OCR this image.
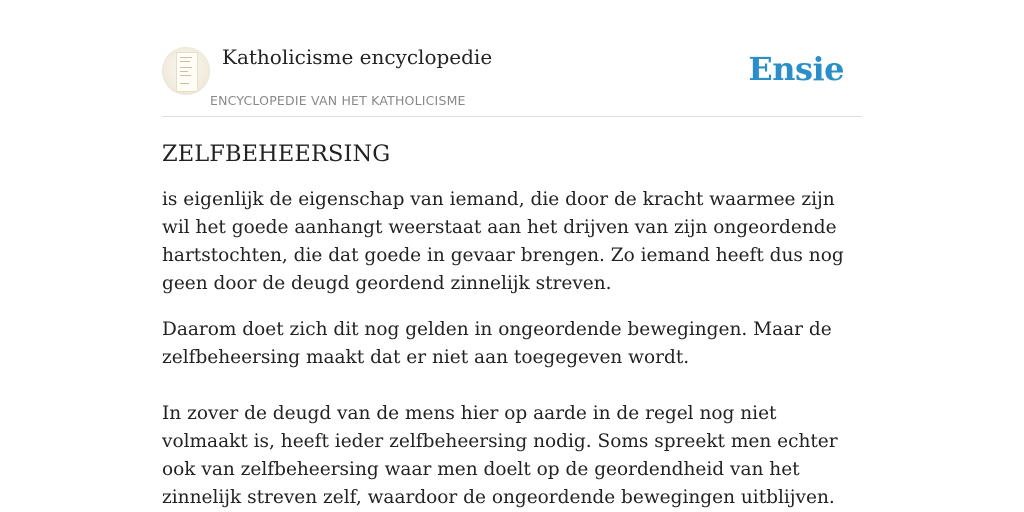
Katholicisme encyclopedie
ENCYCLOPEDIE VAN HET KATHOLICISME
Ensie
ZELFBEHEERSING

is eigenlijk de eigenschap van iemand, die door de kracht waarmee zijn wil het goede aanhangt weerstaat aan het drijven van zijn ongeordende hartstochten, die dat goede in gevaar brengen. Zo iemand heeft dus nog geen door de deugd geordend zinnelijk streven.

Daarom doet zich dit nog gelden in ongeordende bewegingen. Maar de zelfbeheersing maakt dat er niet aan toegegeven wordt.

In zover de deugd van de mens hier op aarde in de regel nog niet volmaakt is, heeft ieder zelfbeheersing nodig. Soms spreekt men echter ook van zelfbeheersing waar men doelt op de geordendheid van het zinnelijk streven zelf, waardoor de ongeordende bewegingen uitblijven.
